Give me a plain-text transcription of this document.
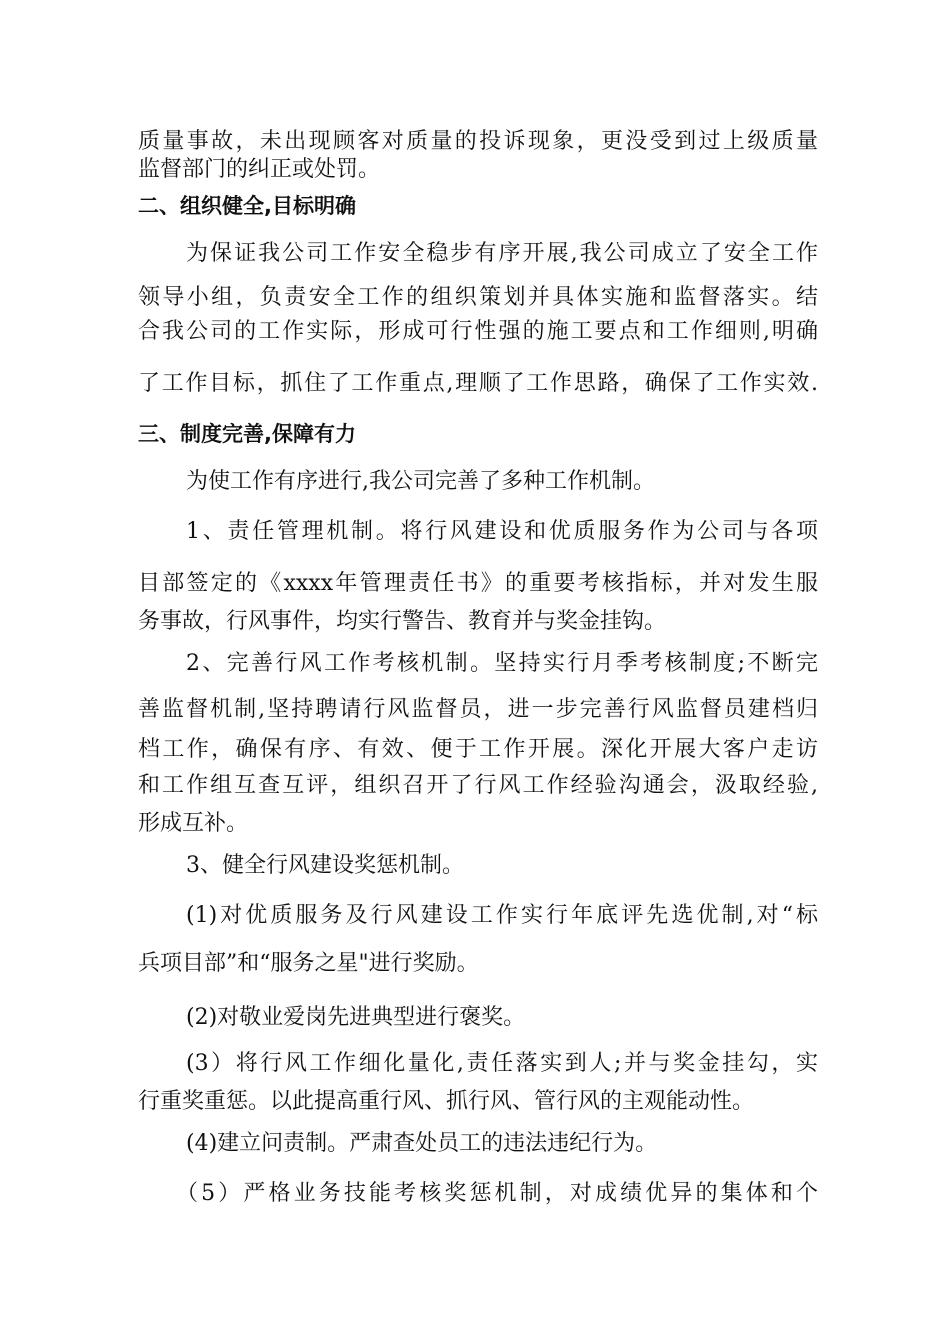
质量事故，未出现顾客对质量的投诉现象，更没受到过上级质量
监督部门的纠正或处罚。
二、组织健全,目标明确
为保证我公司工作安全稳步有序开展,我公司成立了安全工作
领导小组，负责安全工作的组织策划并具体实施和监督落实。结
合我公司的工作实际，形成可行性强的施工要点和工作细则,明确
了工作目标，抓住了工作重点,理顺了工作思路，确保了工作实效.
三、制度完善,保障有力
为使工作有序进行,我公司完善了多种工作机制。
1、责任管理机制。将行风建设和优质服务作为公司与各项
目部签定的《xxxx年管理责任书》的重要考核指标，并对发生服
务事故，行风事件，均实行警告、教育并与奖金挂钩。
2、完善行风工作考核机制。坚持实行月季考核制度;不断完
善监督机制,坚持聘请行风监督员，进一步完善行风监督员建档归
档工作，确保有序、有效、便于工作开展。深化开展大客户走访
和工作组互查互评，组织召开了行风工作经验沟通会，汲取经验,
形成互补。
3、健全行风建设奖惩机制。
(1)对优质服务及行风建设工作实行年底评先选优制,对“标
兵项目部”和“服务之星"进行奖励。
(2)对敬业爱岗先进典型进行褒奖。
(3）将行风工作细化量化,责任落实到人;并与奖金挂勾，实
行重奖重惩。以此提高重行风、抓行风、管行风的主观能动性。
(4)建立问责制。严肃查处员工的违法违纪行为。
（5）严格业务技能考核奖惩机制，对成绩优异的集体和个
